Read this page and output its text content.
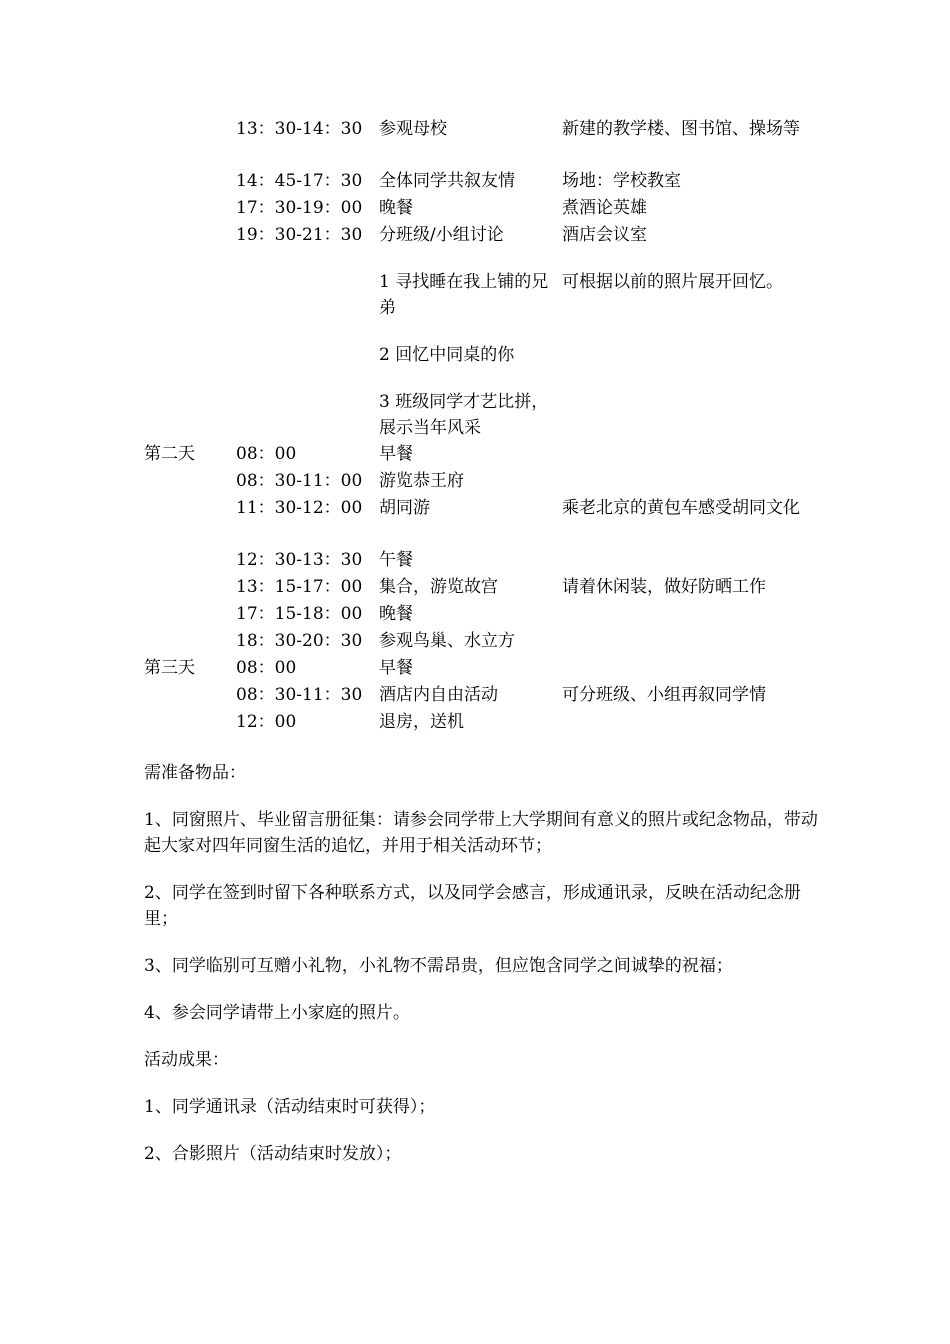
13：30-14：30 参观母校	新建的教学楼、图书馆、操场等
14：45-17：30 全体同学共叙友情	场地：学校教室
17：30-19：00 晚餐	煮酒论英雄
19：30-21：30 分班级/小组讨论	酒店会议室
1 寻找睡在我上铺的兄弟
可根据以前的照片展开回忆。
2 回忆中同桌的你
3 班级同学才艺比拼，展示当年风采
第二天	08：00	早餐
08：30-11：00 游览恭王府
11：30-12：00 胡同游	乘老北京的黄包车感受胡同文化
12：30-13：30 午餐
13：15-17：00 集合，游览故宫	请着休闲装，做好防晒工作
17：15-18：00 晚餐
18：30-20：30 参观鸟巢、水立方
第三天	08：00	早餐
08：30-11：30 酒店内自由活动	可分班级、小组再叙同学情
12：00	退房，送机

需准备物品：

1、同窗照片、毕业留言册征集：请参会同学带上大学期间有意义的照片或纪念物品，带动起大家对四年同窗生活的追忆，并用于相关活动环节；

2、同学在签到时留下各种联系方式，以及同学会感言，形成通讯录，反映在活动纪念册里；

3、同学临别可互赠小礼物，小礼物不需昂贵，但应饱含同学之间诚挚的祝福；

4、参会同学请带上小家庭的照片。

活动成果：

1、同学通讯录（活动结束时可获得）；

2、合影照片（活动结束时发放）；
